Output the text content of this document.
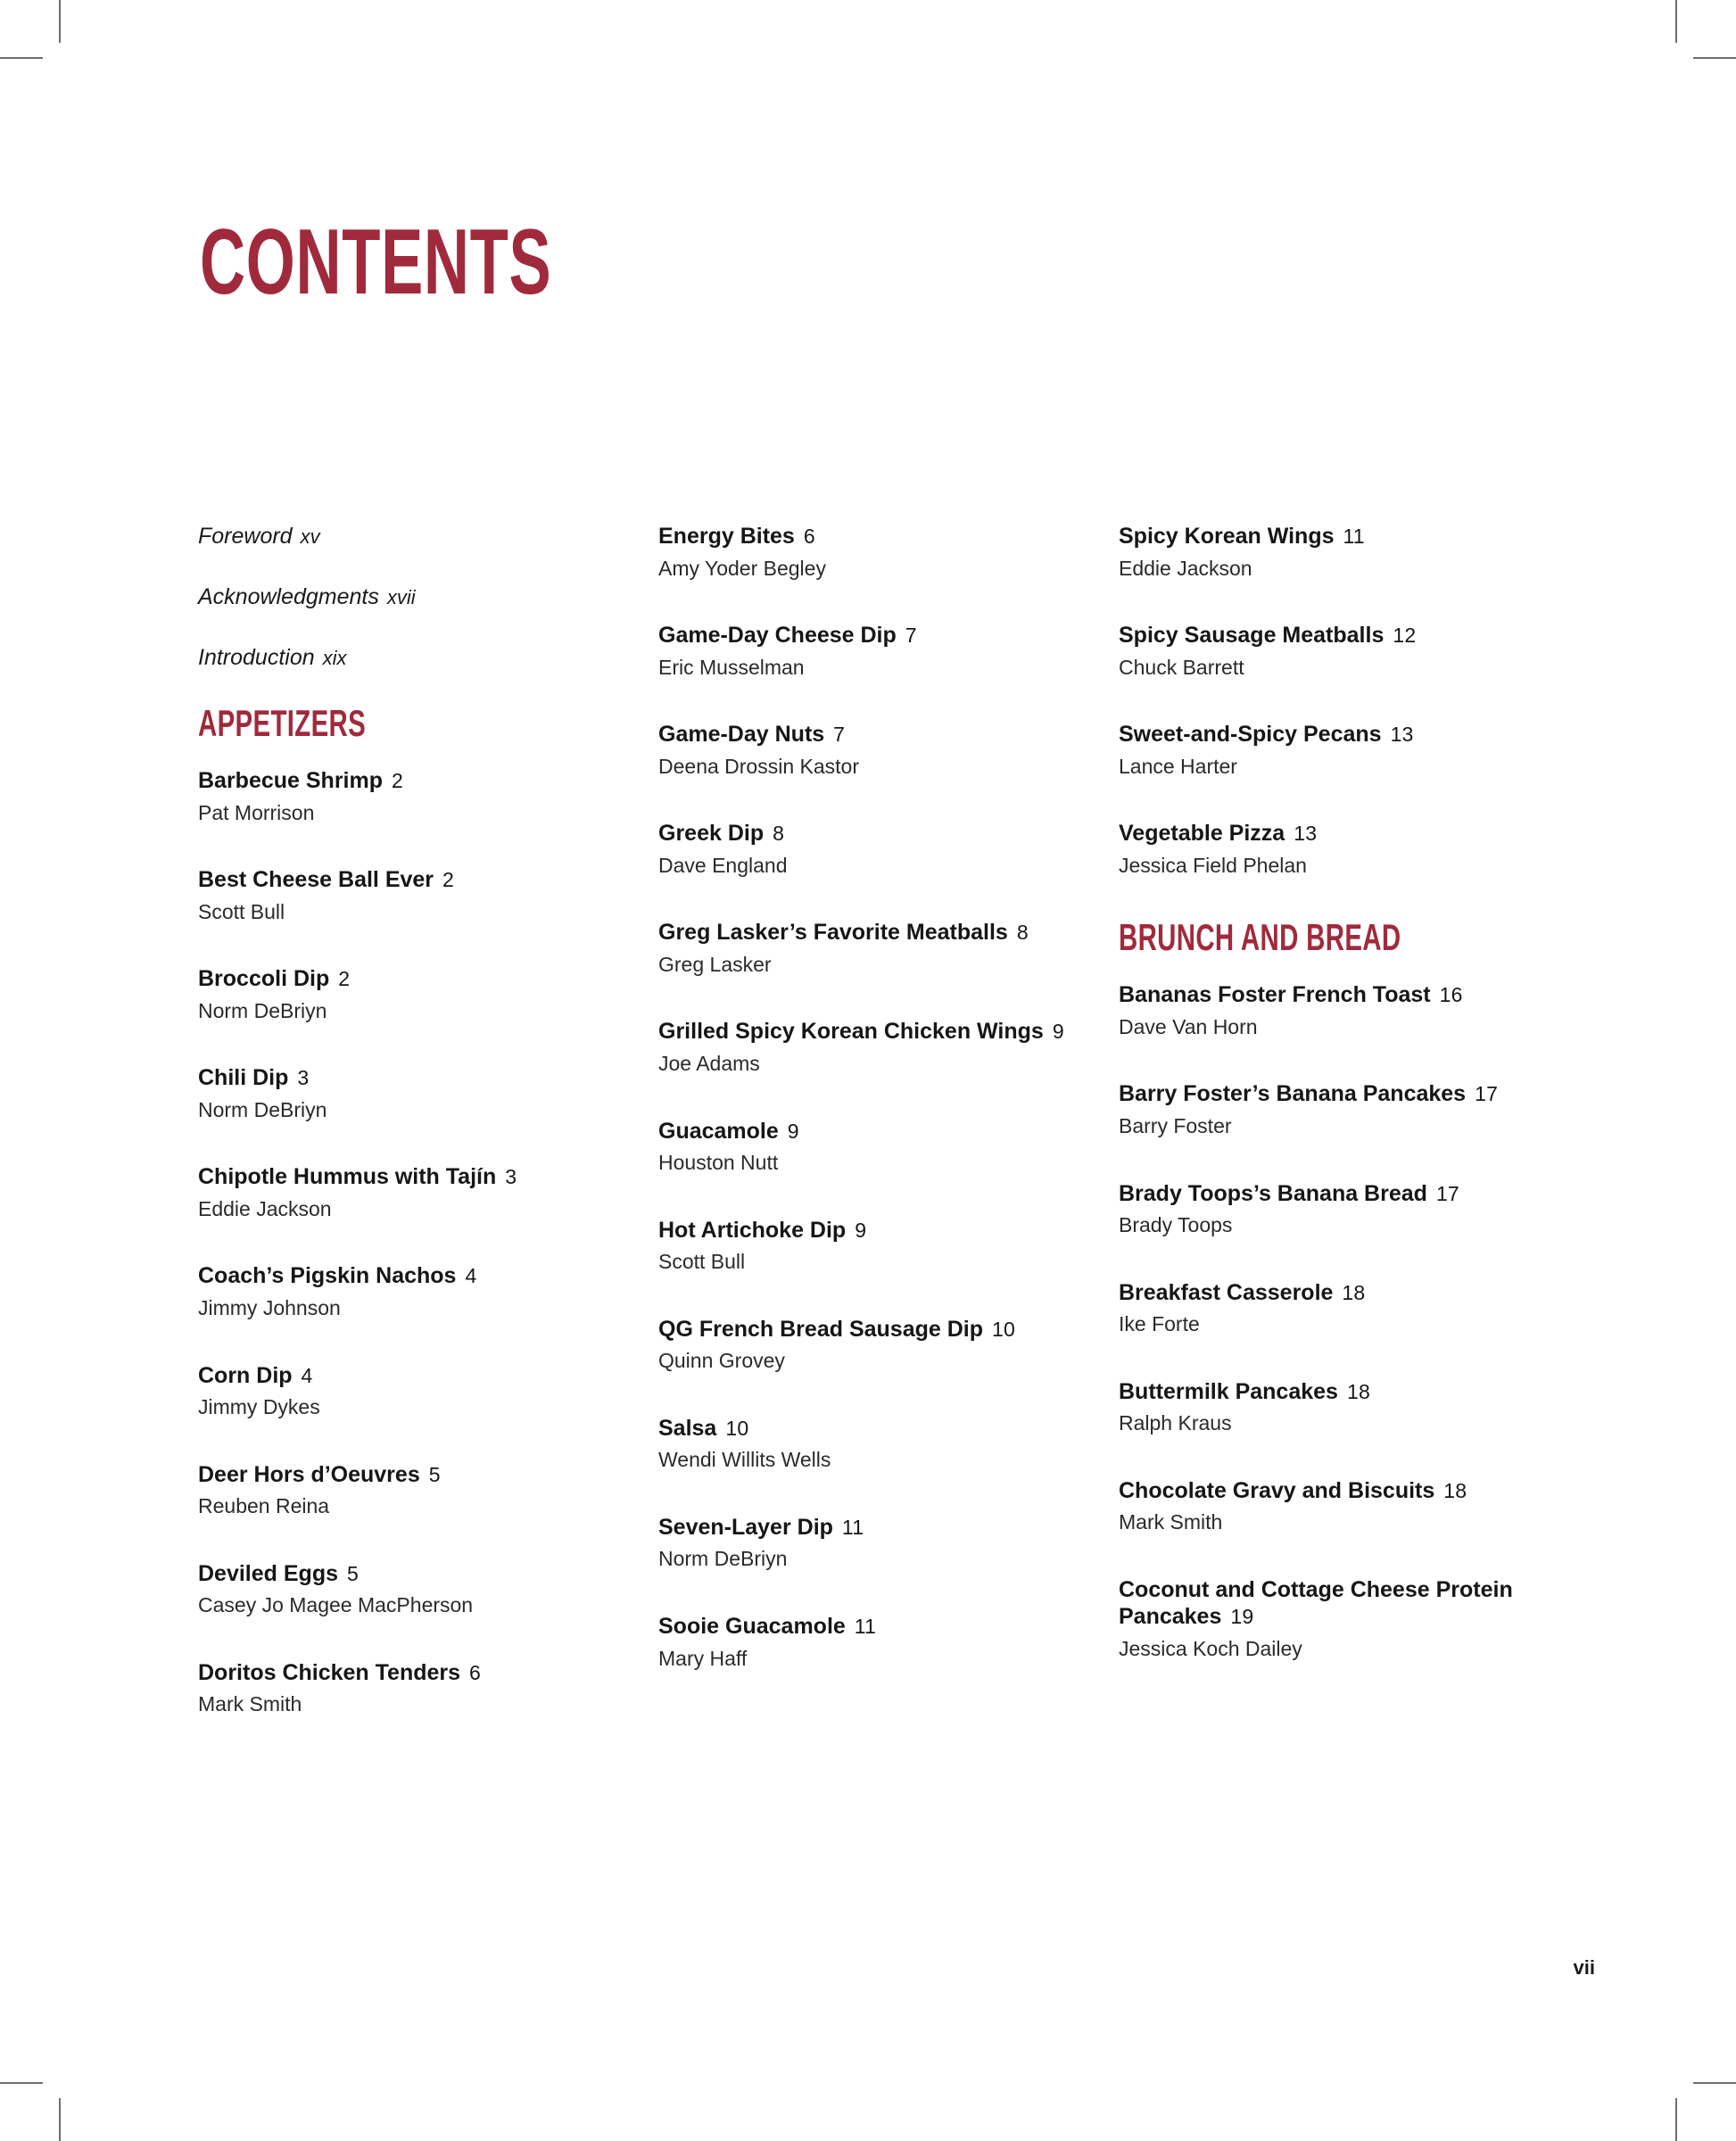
CONTENTS
Foreword xv
Acknowledgments xvii
Introduction xix
APPETIZERS
Barbecue Shrimp 2
Pat Morrison
Best Cheese Ball Ever 2
Scott Bull
Broccoli Dip 2
Norm DeBriyn
Chili Dip 3
Norm DeBriyn
Chipotle Hummus with Tajín 3
Eddie Jackson
Coach’s Pigskin Nachos 4
Jimmy Johnson
Corn Dip 4
Jimmy Dykes
Deer Hors d’Oeuvres 5
Reuben Reina
Deviled Eggs 5
Casey Jo Magee MacPherson
Doritos Chicken Tenders 6
Mark Smith
Energy Bites 6
Amy Yoder Begley
Game-Day Cheese Dip 7
Eric Musselman
Game-Day Nuts 7
Deena Drossin Kastor
Greek Dip 8
Dave England
Greg Lasker’s Favorite Meatballs 8
Greg Lasker
Grilled Spicy Korean Chicken Wings 9
Joe Adams
Guacamole 9
Houston Nutt
Hot Artichoke Dip 9
Scott Bull
QG French Bread Sausage Dip 10
Quinn Grovey
Salsa 10
Wendi Willits Wells
Seven-Layer Dip 11
Norm DeBriyn
Sooie Guacamole 11
Mary Haff
Spicy Korean Wings 11
Eddie Jackson
Spicy Sausage Meatballs 12
Chuck Barrett
Sweet-and-Spicy Pecans 13
Lance Harter
Vegetable Pizza 13
Jessica Field Phelan
BRUNCH AND BREAD
Bananas Foster French Toast 16
Dave Van Horn
Barry Foster’s Banana Pancakes 17
Barry Foster
Brady Toops’s Banana Bread 17
Brady Toops
Breakfast Casserole 18
Ike Forte
Buttermilk Pancakes 18
Ralph Kraus
Chocolate Gravy and Biscuits 18
Mark Smith
Coconut and Cottage Cheese Protein Pancakes 19
Jessica Koch Dailey
vii
